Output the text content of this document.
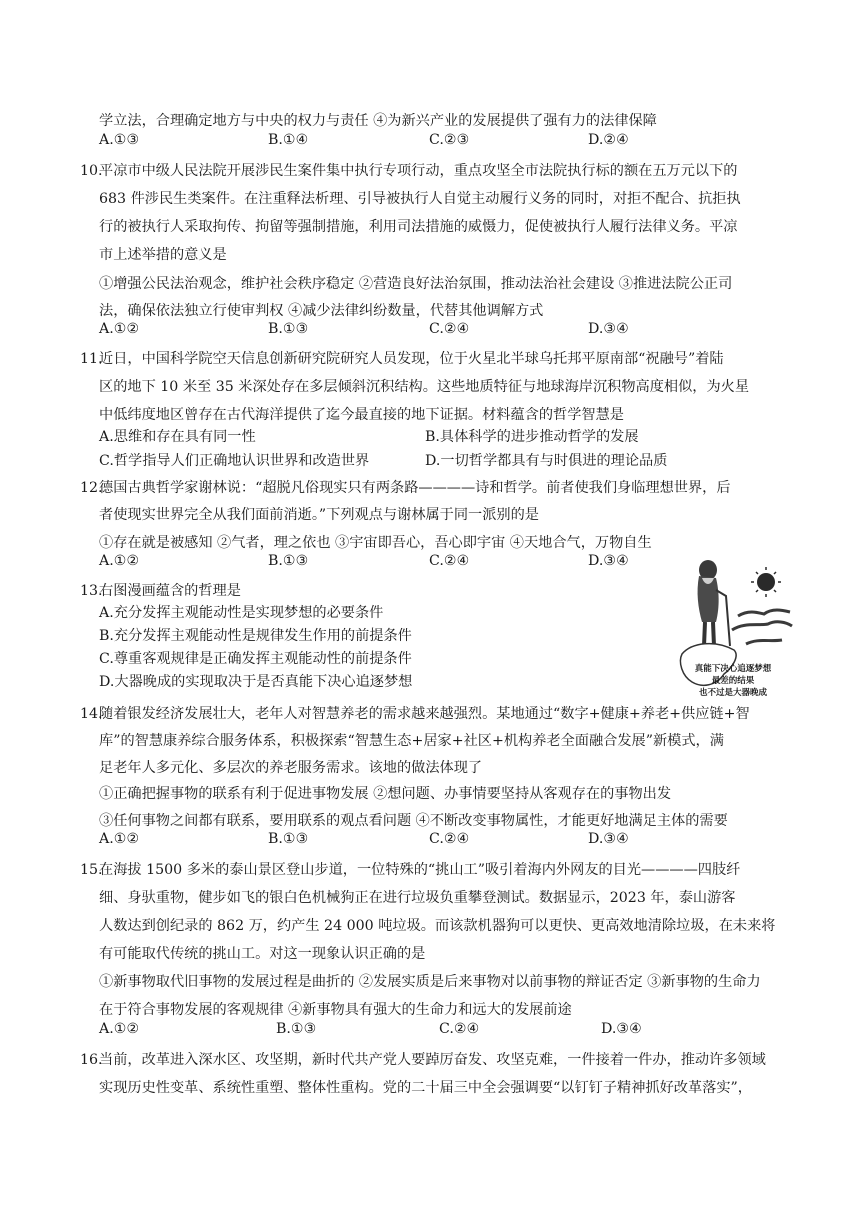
学立法，合理确定地方与中央的权力与责任 ④为新兴产业的发展提供了强有力的法律保障
A.①③	B.①④	C.②③	D.②④
10.
平凉市中级人民法院开展涉民生案件集中执行专项行动，重点攻坚全市法院执行标的额在五万元以下的
683 件涉民生类案件。在注重释法析理、引导被执行人自觉主动履行义务的同时，对拒不配合、抗拒执
行的被执行人采取拘传、拘留等强制措施，利用司法措施的威慑力，促使被执行人履行法律义务。平凉
市上述举措的意义是
①增强公民法治观念，维护社会秩序稳定 ②营造良好法治氛围，推动法治社会建设 ③推进法院公正司
法，确保依法独立行使审判权 ④减少法律纠纷数量，代替其他调解方式
A.①②	B.①③	C.②④	D.③④
11.
近日，中国科学院空天信息创新研究院研究人员发现，位于火星北半球乌托邦平原南部“祝融号”着陆
区的地下 10 米至 35 米深处存在多层倾斜沉积结构。这些地质特征与地球海岸沉积物高度相似，为火星
中低纬度地区曾存在古代海洋提供了迄今最直接的地下证据。材料蕴含的哲学智慧是
A.思维和存在具有同一性	B.具体科学的进步推动哲学的发展
C.哲学指导人们正确地认识世界和改造世界	D.一切哲学都具有与时俱进的理论品质
12.
德国古典哲学家谢林说：“超脱凡俗现实只有两条路————诗和哲学。前者使我们身临理想世界，后
者使现实世界完全从我们面前消逝。”下列观点与谢林属于同一派别的是
①存在就是被感知 ②气者，理之依也 ③宇宙即吾心，吾心即宇宙 ④天地合气，万物自生
A.①②	B.①③	C.②④	D.③④
13.
右图漫画蕴含的哲理是
A.充分发挥主观能动性是实现梦想的必要条件
B.充分发挥主观能动性是规律发生作用的前提条件
C.尊重客观规律是正确发挥主观能动性的前提条件
D.大器晚成的实现取决于是否真能下决心追逐梦想
真能下决心追逐梦想
最差的结果
也不过是大器晚成
14.
随着银发经济发展壮大，老年人对智慧养老的需求越来越强烈。某地通过“数字+健康+养老+供应链+智
库”的智慧康养综合服务体系，积极探索“智慧生态+居家+社区+机构养老全面融合发展”新模式，满
足老年人多元化、多层次的养老服务需求。该地的做法体现了
①正确把握事物的联系有利于促进事物发展 ②想问题、办事情要坚持从客观存在的事物出发
③任何事物之间都有联系，要用联系的观点看问题 ④不断改变事物属性，才能更好地满足主体的需要
A.①②	B.①③	C.②④	D.③④
15.
在海拔 1500 多米的泰山景区登山步道，一位特殊的“挑山工”吸引着海内外网友的目光————四肢纤
细、身驮重物，健步如飞的银白色机械狗正在进行垃圾负重攀登测试。数据显示，2023 年，泰山游客
人数达到创纪录的 862 万，约产生 24 000 吨垃圾。而该款机器狗可以更快、更高效地清除垃圾，在未来将
有可能取代传统的挑山工。对这一现象认识正确的是
①新事物取代旧事物的发展过程是曲折的 ②发展实质是后来事物对以前事物的辩证否定 ③新事物的生命力
在于符合事物发展的客观规律 ④新事物具有强大的生命力和远大的发展前途
A.①②	B.①③	C.②④	D.③④
16.
当前，改革进入深水区、攻坚期，新时代共产党人要踔厉奋发、攻坚克难，一件接着一件办，推动许多领域
实现历史性变革、系统性重塑、整体性重构。党的二十届三中全会强调要“以钉钉子精神抓好改革落实”，
